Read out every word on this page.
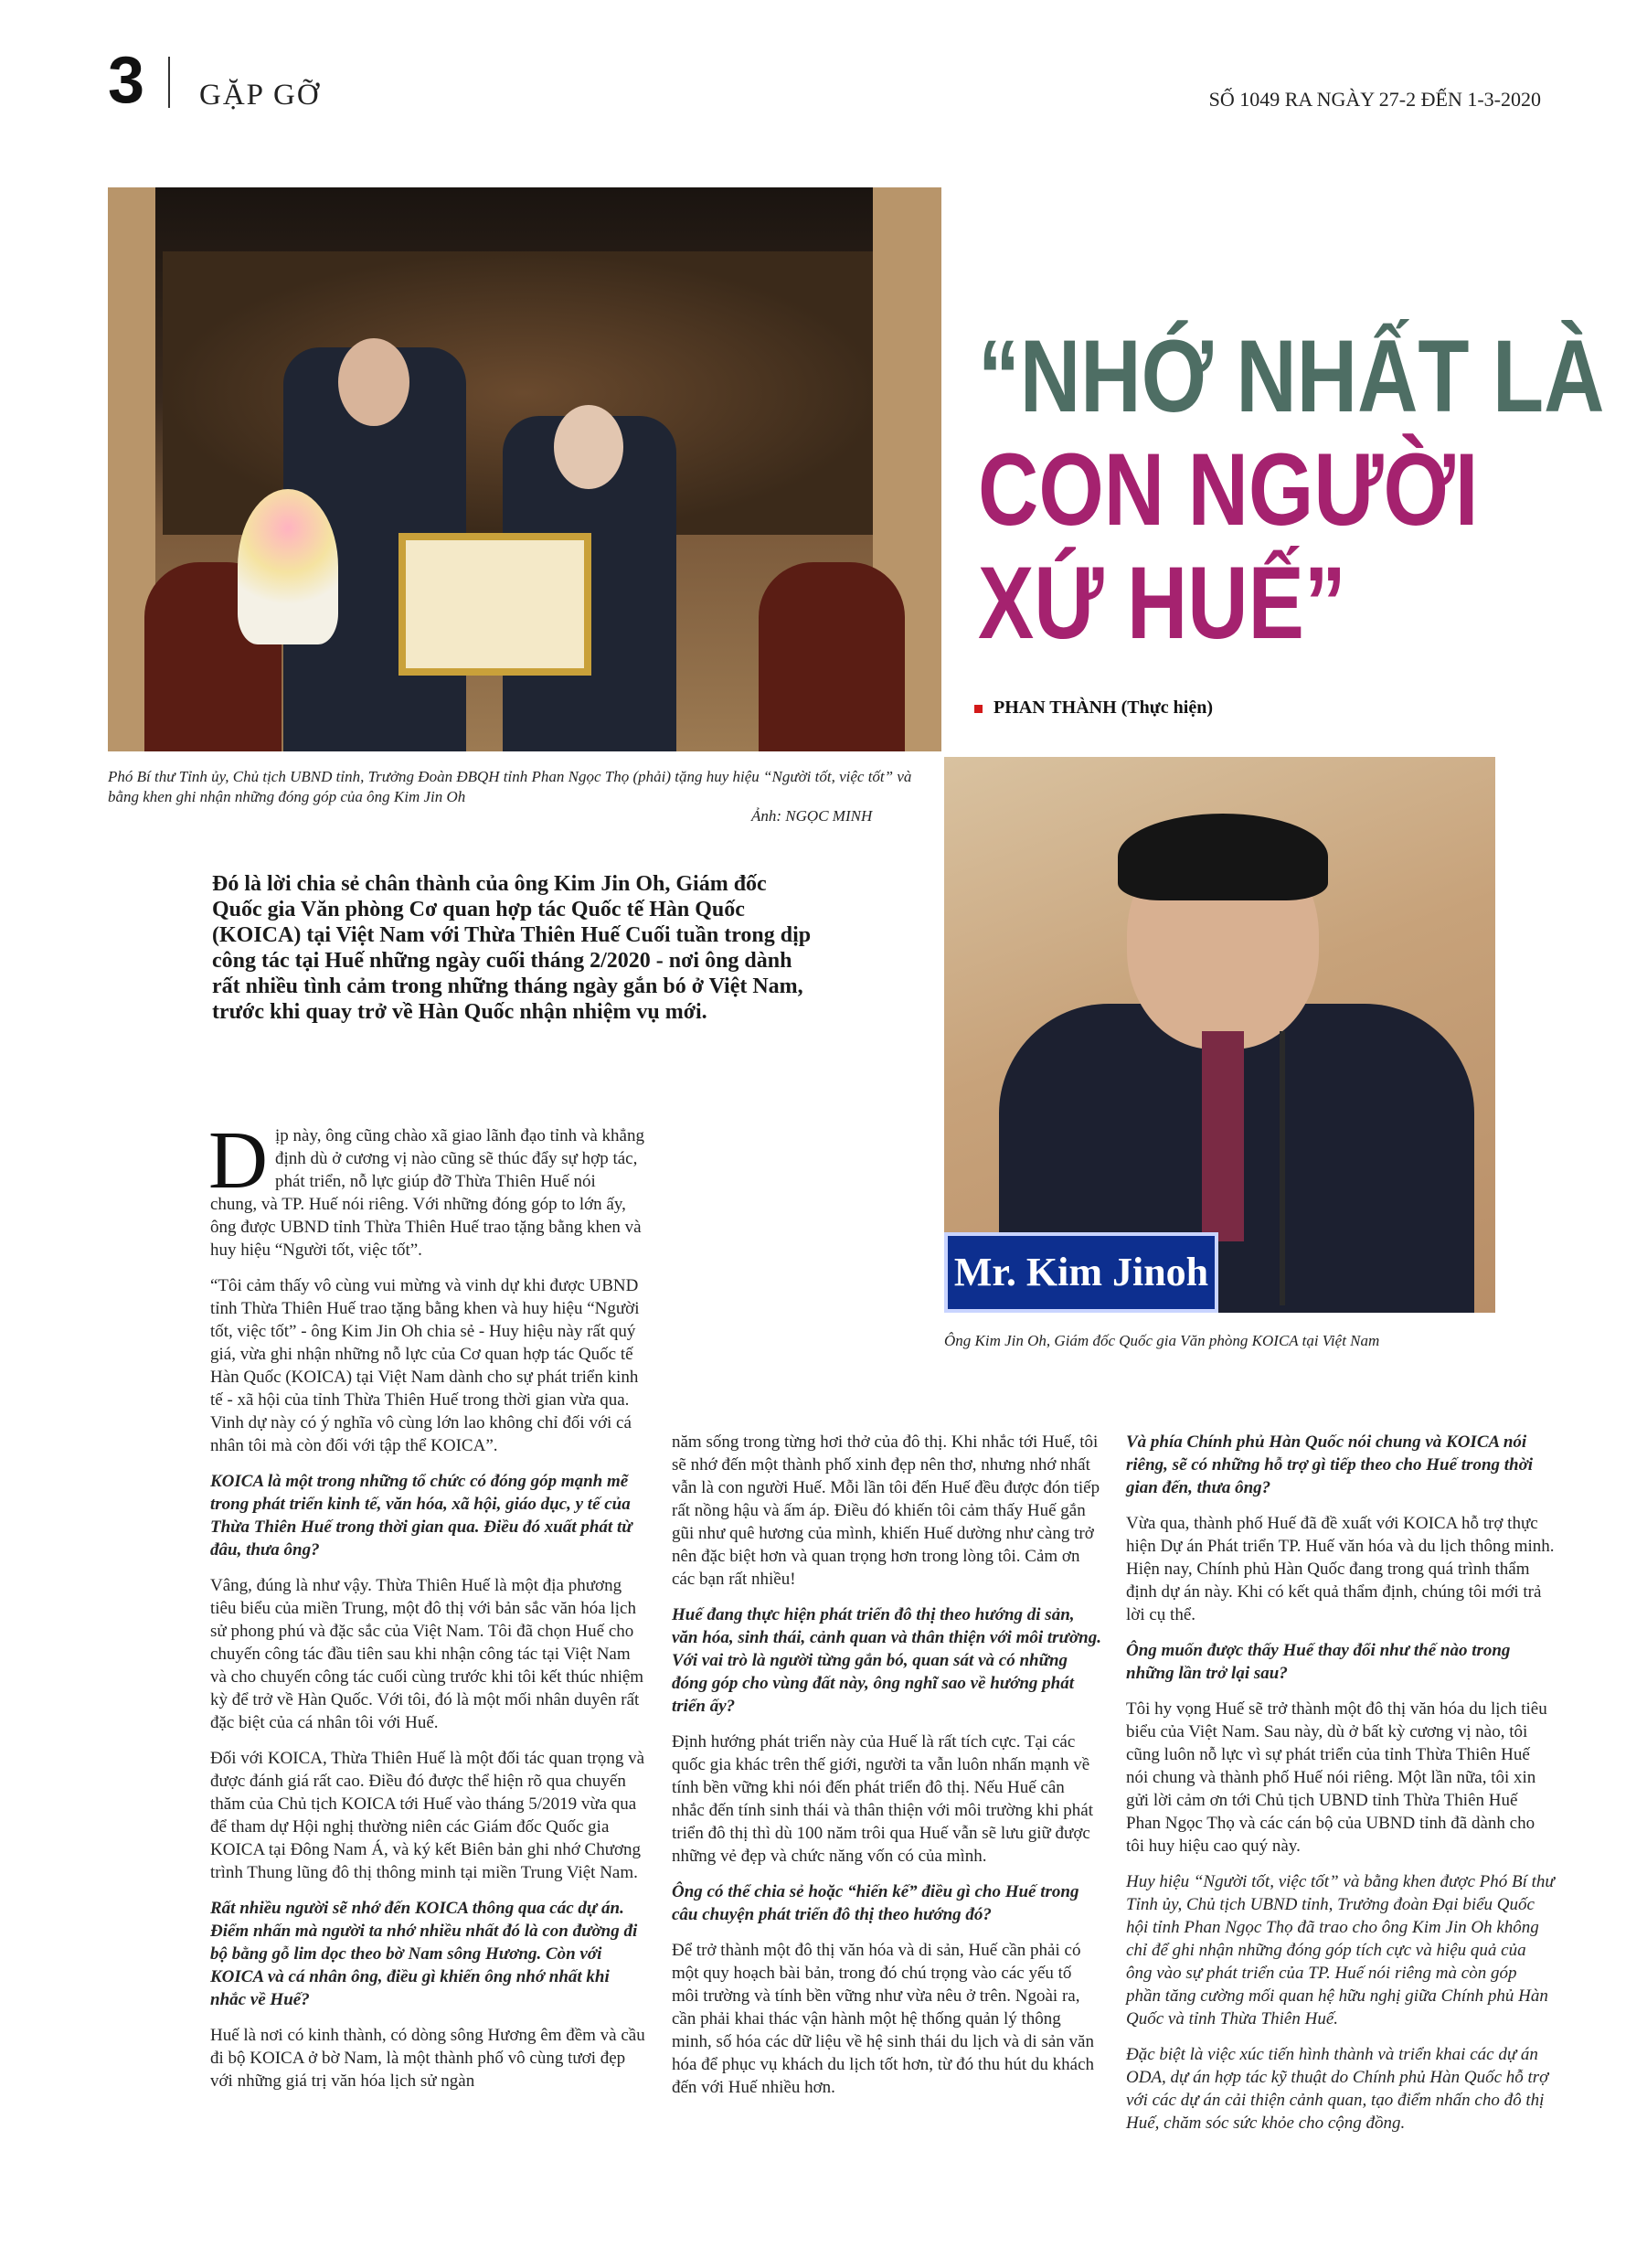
3 GẶP GỠ	SỐ 1049 RA NGÀY 27-2 ĐẾN 1-3-2020
“NHỚ NHẤT LÀ
CON NGƯỜI
XỨ HUẾ”
PHAN THÀNH (Thực hiện)
Phó Bí thư Tỉnh ủy, Chủ tịch UBND tỉnh, Trưởng Đoàn ĐBQH tỉnh Phan Ngọc Thọ (phải) tặng huy hiệu “Người tốt, việc tốt” và bằng khen ghi nhận những đóng góp của ông Kim Jin Oh
Ảnh: NGỌC MINH
Mr. Kim Jinoh
Ông Kim Jin Oh, Giám đốc Quốc gia Văn phòng KOICA tại Việt Nam
Đó là lời chia sẻ chân thành của ông Kim Jin Oh, Giám đốc Quốc gia Văn phòng Cơ quan hợp tác Quốc tế Hàn Quốc (KOICA) tại Việt Nam với Thừa Thiên Huế Cuối tuần trong dịp công tác tại Huế những ngày cuối tháng 2/2020 - nơi ông dành rất nhiều tình cảm trong những tháng ngày gắn bó ở Việt Nam, trước khi quay trở về Hàn Quốc nhận nhiệm vụ mới.

Dịp này, ông cũng chào xã giao lãnh đạo tỉnh và khẳng định dù ở cương vị nào cũng sẽ thúc đẩy sự hợp tác, phát triển, nỗ lực giúp đỡ Thừa Thiên Huế nói chung, và TP. Huế nói riêng. Với những đóng góp to lớn ấy, ông được UBND tỉnh Thừa Thiên Huế trao tặng bằng khen và huy hiệu “Người tốt, việc tốt”.

“Tôi cảm thấy vô cùng vui mừng và vinh dự khi được UBND tỉnh Thừa Thiên Huế trao tặng bằng khen và huy hiệu “Người tốt, việc tốt” - ông Kim Jin Oh chia sẻ - Huy hiệu này rất quý giá, vừa ghi nhận những nỗ lực của Cơ quan hợp tác Quốc tế Hàn Quốc (KOICA) tại Việt Nam dành cho sự phát triển kinh tế - xã hội của tỉnh Thừa Thiên Huế trong thời gian vừa qua. Vinh dự này có ý nghĩa vô cùng lớn lao không chỉ đối với cá nhân tôi mà còn đối với tập thể KOICA”.

KOICA là một trong những tổ chức có đóng góp mạnh mẽ trong phát triển kinh tế, văn hóa, xã hội, giáo dục, y tế của Thừa Thiên Huế trong thời gian qua. Điều đó xuất phát từ đâu, thưa ông?

Vâng, đúng là như vậy. Thừa Thiên Huế là một địa phương tiêu biểu của miền Trung, một đô thị với bản sắc văn hóa lịch sử phong phú và đặc sắc của Việt Nam. Tôi đã chọn Huế cho chuyến công tác đầu tiên sau khi nhận công tác tại Việt Nam và cho chuyến công tác cuối cùng trước khi tôi kết thúc nhiệm kỳ để trở về Hàn Quốc. Với tôi, đó là một mối nhân duyên rất đặc biệt của cá nhân tôi với Huế.

Đối với KOICA, Thừa Thiên Huế là một đối tác quan trọng và được đánh giá rất cao. Điều đó được thể hiện rõ qua chuyến thăm của Chủ tịch KOICA tới Huế vào tháng 5/2019 vừa qua để tham dự Hội nghị thường niên các Giám đốc Quốc gia KOICA tại Đông Nam Á, và ký kết Biên bản ghi nhớ Chương trình Thung lũng đô thị thông minh tại miền Trung Việt Nam.

Rất nhiều người sẽ nhớ đến KOICA thông qua các dự án. Điểm nhấn mà người ta nhớ nhiều nhất đó là con đường đi bộ bằng gỗ lim dọc theo bờ Nam sông Hương. Còn với KOICA và cá nhân ông, điều gì khiến ông nhớ nhất khi nhắc về Huế?

Huế là nơi có kinh thành, có dòng sông Hương êm đềm và cầu đi bộ KOICA ở bờ Nam, là một thành phố vô cùng tươi đẹp với những giá trị văn hóa lịch sử ngàn

năm sống trong từng hơi thở của đô thị. Khi nhắc tới Huế, tôi sẽ nhớ đến một thành phố xinh đẹp nên thơ, nhưng nhớ nhất vẫn là con người Huế. Mỗi lần tôi đến Huế đều được đón tiếp rất nồng hậu và ấm áp. Điều đó khiến tôi cảm thấy Huế gắn gũi như quê hương của mình, khiến Huế dường như càng trở nên đặc biệt hơn và quan trọng hơn trong lòng tôi. Cảm ơn các bạn rất nhiều!

Huế đang thực hiện phát triển đô thị theo hướng di sản, văn hóa, sinh thái, cảnh quan và thân thiện với môi trường. Với vai trò là người từng gắn bó, quan sát và có những đóng góp cho vùng đất này, ông nghĩ sao về hướng phát triển ấy?

Định hướng phát triển này của Huế là rất tích cực. Tại các quốc gia khác trên thế giới, người ta vẫn luôn nhấn mạnh về tính bền vững khi nói đến phát triển đô thị. Nếu Huế cân nhắc đến tính sinh thái và thân thiện với môi trường khi phát triển đô thị thì dù 100 năm trôi qua Huế vẫn sẽ lưu giữ được những vẻ đẹp và chức năng vốn có của mình.

Ông có thể chia sẻ hoặc “hiến kế” điều gì cho Huế trong câu chuyện phát triển đô thị theo hướng đó?

Để trở thành một đô thị văn hóa và di sản, Huế cần phải có một quy hoạch bài bản, trong đó chú trọng vào các yếu tố môi trường và tính bền vững như vừa nêu ở trên. Ngoài ra, cần phải khai thác vận hành một hệ thống quản lý thông minh, số hóa các dữ liệu về hệ sinh thái du lịch và di sản văn hóa để phục vụ khách du lịch tốt hơn, từ đó thu hút du khách đến với Huế nhiều hơn.

Và phía Chính phủ Hàn Quốc nói chung và KOICA nói riêng, sẽ có những hỗ trợ gì tiếp theo cho Huế trong thời gian đến, thưa ông?

Vừa qua, thành phố Huế đã đề xuất với KOICA hỗ trợ thực hiện Dự án Phát triển TP. Huế văn hóa và du lịch thông minh. Hiện nay, Chính phủ Hàn Quốc đang trong quá trình thẩm định dự án này. Khi có kết quả thẩm định, chúng tôi mới trả lời cụ thể.

Ông muốn được thấy Huế thay đổi như thế nào trong những lần trở lại sau?

Tôi hy vọng Huế sẽ trở thành một đô thị văn hóa du lịch tiêu biểu của Việt Nam. Sau này, dù ở bất kỳ cương vị nào, tôi cũng luôn nỗ lực vì sự phát triển của tỉnh Thừa Thiên Huế nói chung và thành phố Huế nói riêng. Một lần nữa, tôi xin gửi lời cảm ơn tới Chủ tịch UBND tỉnh Thừa Thiên Huế Phan Ngọc Thọ và các cán bộ của UBND tỉnh đã dành cho tôi huy hiệu cao quý này.

Huy hiệu “Người tốt, việc tốt” và bằng khen được Phó Bí thư Tỉnh ủy, Chủ tịch UBND tỉnh, Trưởng đoàn Đại biểu Quốc hội tỉnh Phan Ngọc Thọ đã trao cho ông Kim Jin Oh không chỉ để ghi nhận những đóng góp tích cực và hiệu quả của ông vào sự phát triển của TP. Huế nói riêng mà còn góp phần tăng cường mối quan hệ hữu nghị giữa Chính phủ Hàn Quốc và tỉnh Thừa Thiên Huế.

Đặc biệt là việc xúc tiến hình thành và triển khai các dự án ODA, dự án hợp tác kỹ thuật do Chính phủ Hàn Quốc hỗ trợ với các dự án cải thiện cảnh quan, tạo điểm nhấn cho đô thị Huế, chăm sóc sức khỏe cho cộng đồng.
